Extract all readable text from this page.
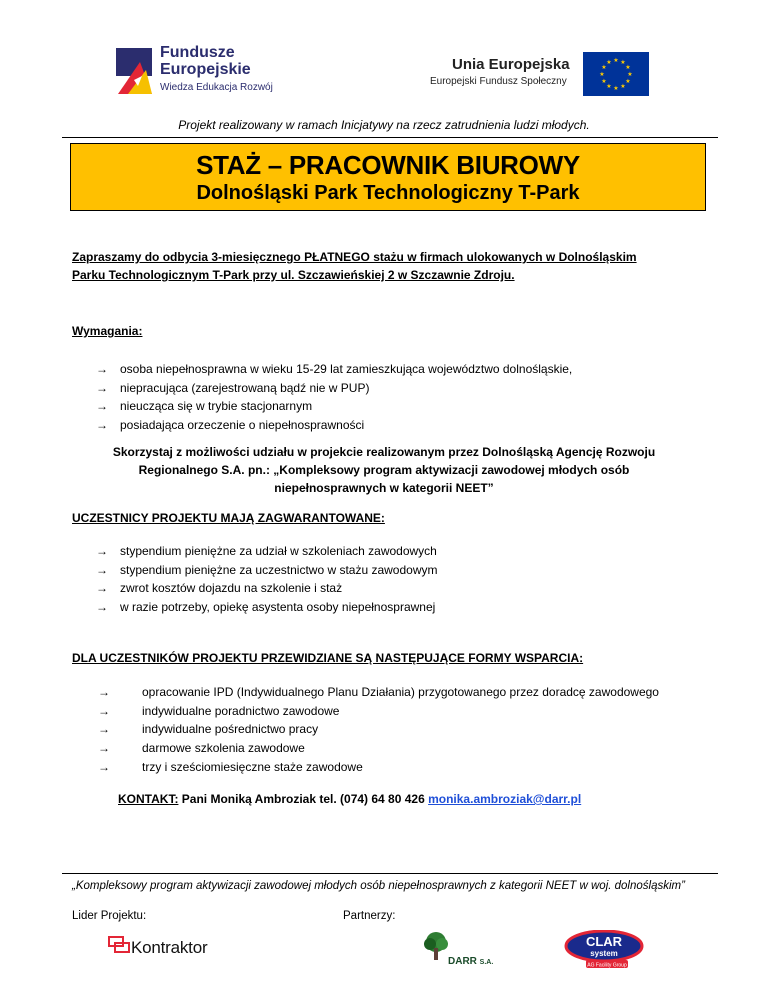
Fundusze
Europejskie
Wiedza Edukacja Rozwój
Unia Europejska
Europejski Fundusz Społeczny
★ ★
★
★
★
★
★
★
★
★
★
★
Projekt realizowany w ramach Inicjatywy na rzecz zatrudnienia ludzi młodych.
STAŻ – PRACOWNIK BIUROWY
Dolnośląski Park Technologiczny T-Park
Zapraszamy do odbycia 3-miesięcznego PŁATNEGO stażu w firmach ulokowanych w Dolnośląskim
Parku Technologicznym T-Park przy ul. Szczawieńskiej 2 w Szczawnie Zdroju.
Wymagania:
→ osoba niepełnosprawna w wieku 15-29 lat zamieszkująca województwo dolnośląskie,
→ niepracująca (zarejestrowaną bądź nie w PUP)
→ nieucząca się w trybie stacjonarnym
→ posiadająca orzeczenie o niepełnosprawności
Skorzystaj z możliwości udziału w projekcie realizowanym przez Dolnośląską Agencję Rozwoju
Regionalnego S.A. pn.: „Kompleksowy program aktywizacji zawodowej młodych osób
niepełnosprawnych w kategorii NEET”
UCZESTNICY PROJEKTU MAJĄ ZAGWARANTOWANE:
→ stypendium pieniężne za udział w szkoleniach zawodowych
→ stypendium pieniężne za uczestnictwo w stażu zawodowym
→ zwrot kosztów dojazdu na szkolenie i staż
→ w razie potrzeby, opiekę asystenta osoby niepełnosprawnej
DLA UCZESTNIKÓW PROJEKTU PRZEWIDZIANE SĄ NASTĘPUJĄCE FORMY WSPARCIA:
→	opracowanie IPD (Indywidualnego Planu Działania) przygotowanego przez doradcę zawodowego
→	indywidualne poradnictwo zawodowe
→	indywidualne pośrednictwo pracy
→	darmowe szkolenia zawodowe
→	trzy i sześciomiesięczne staże zawodowe
KONTAKT: Pani Moniką Ambroziak tel. (074) 64 80 426 monika.ambroziak@darr.pl
„Kompleksowy program aktywizacji zawodowej młodych osób niepełnosprawnych z kategorii NEET w woj. dolnośląskim”
Lider Projektu:	Partnerzy:
Kontraktor
DARR S.A.
CLAR
system
AG Facility Group
